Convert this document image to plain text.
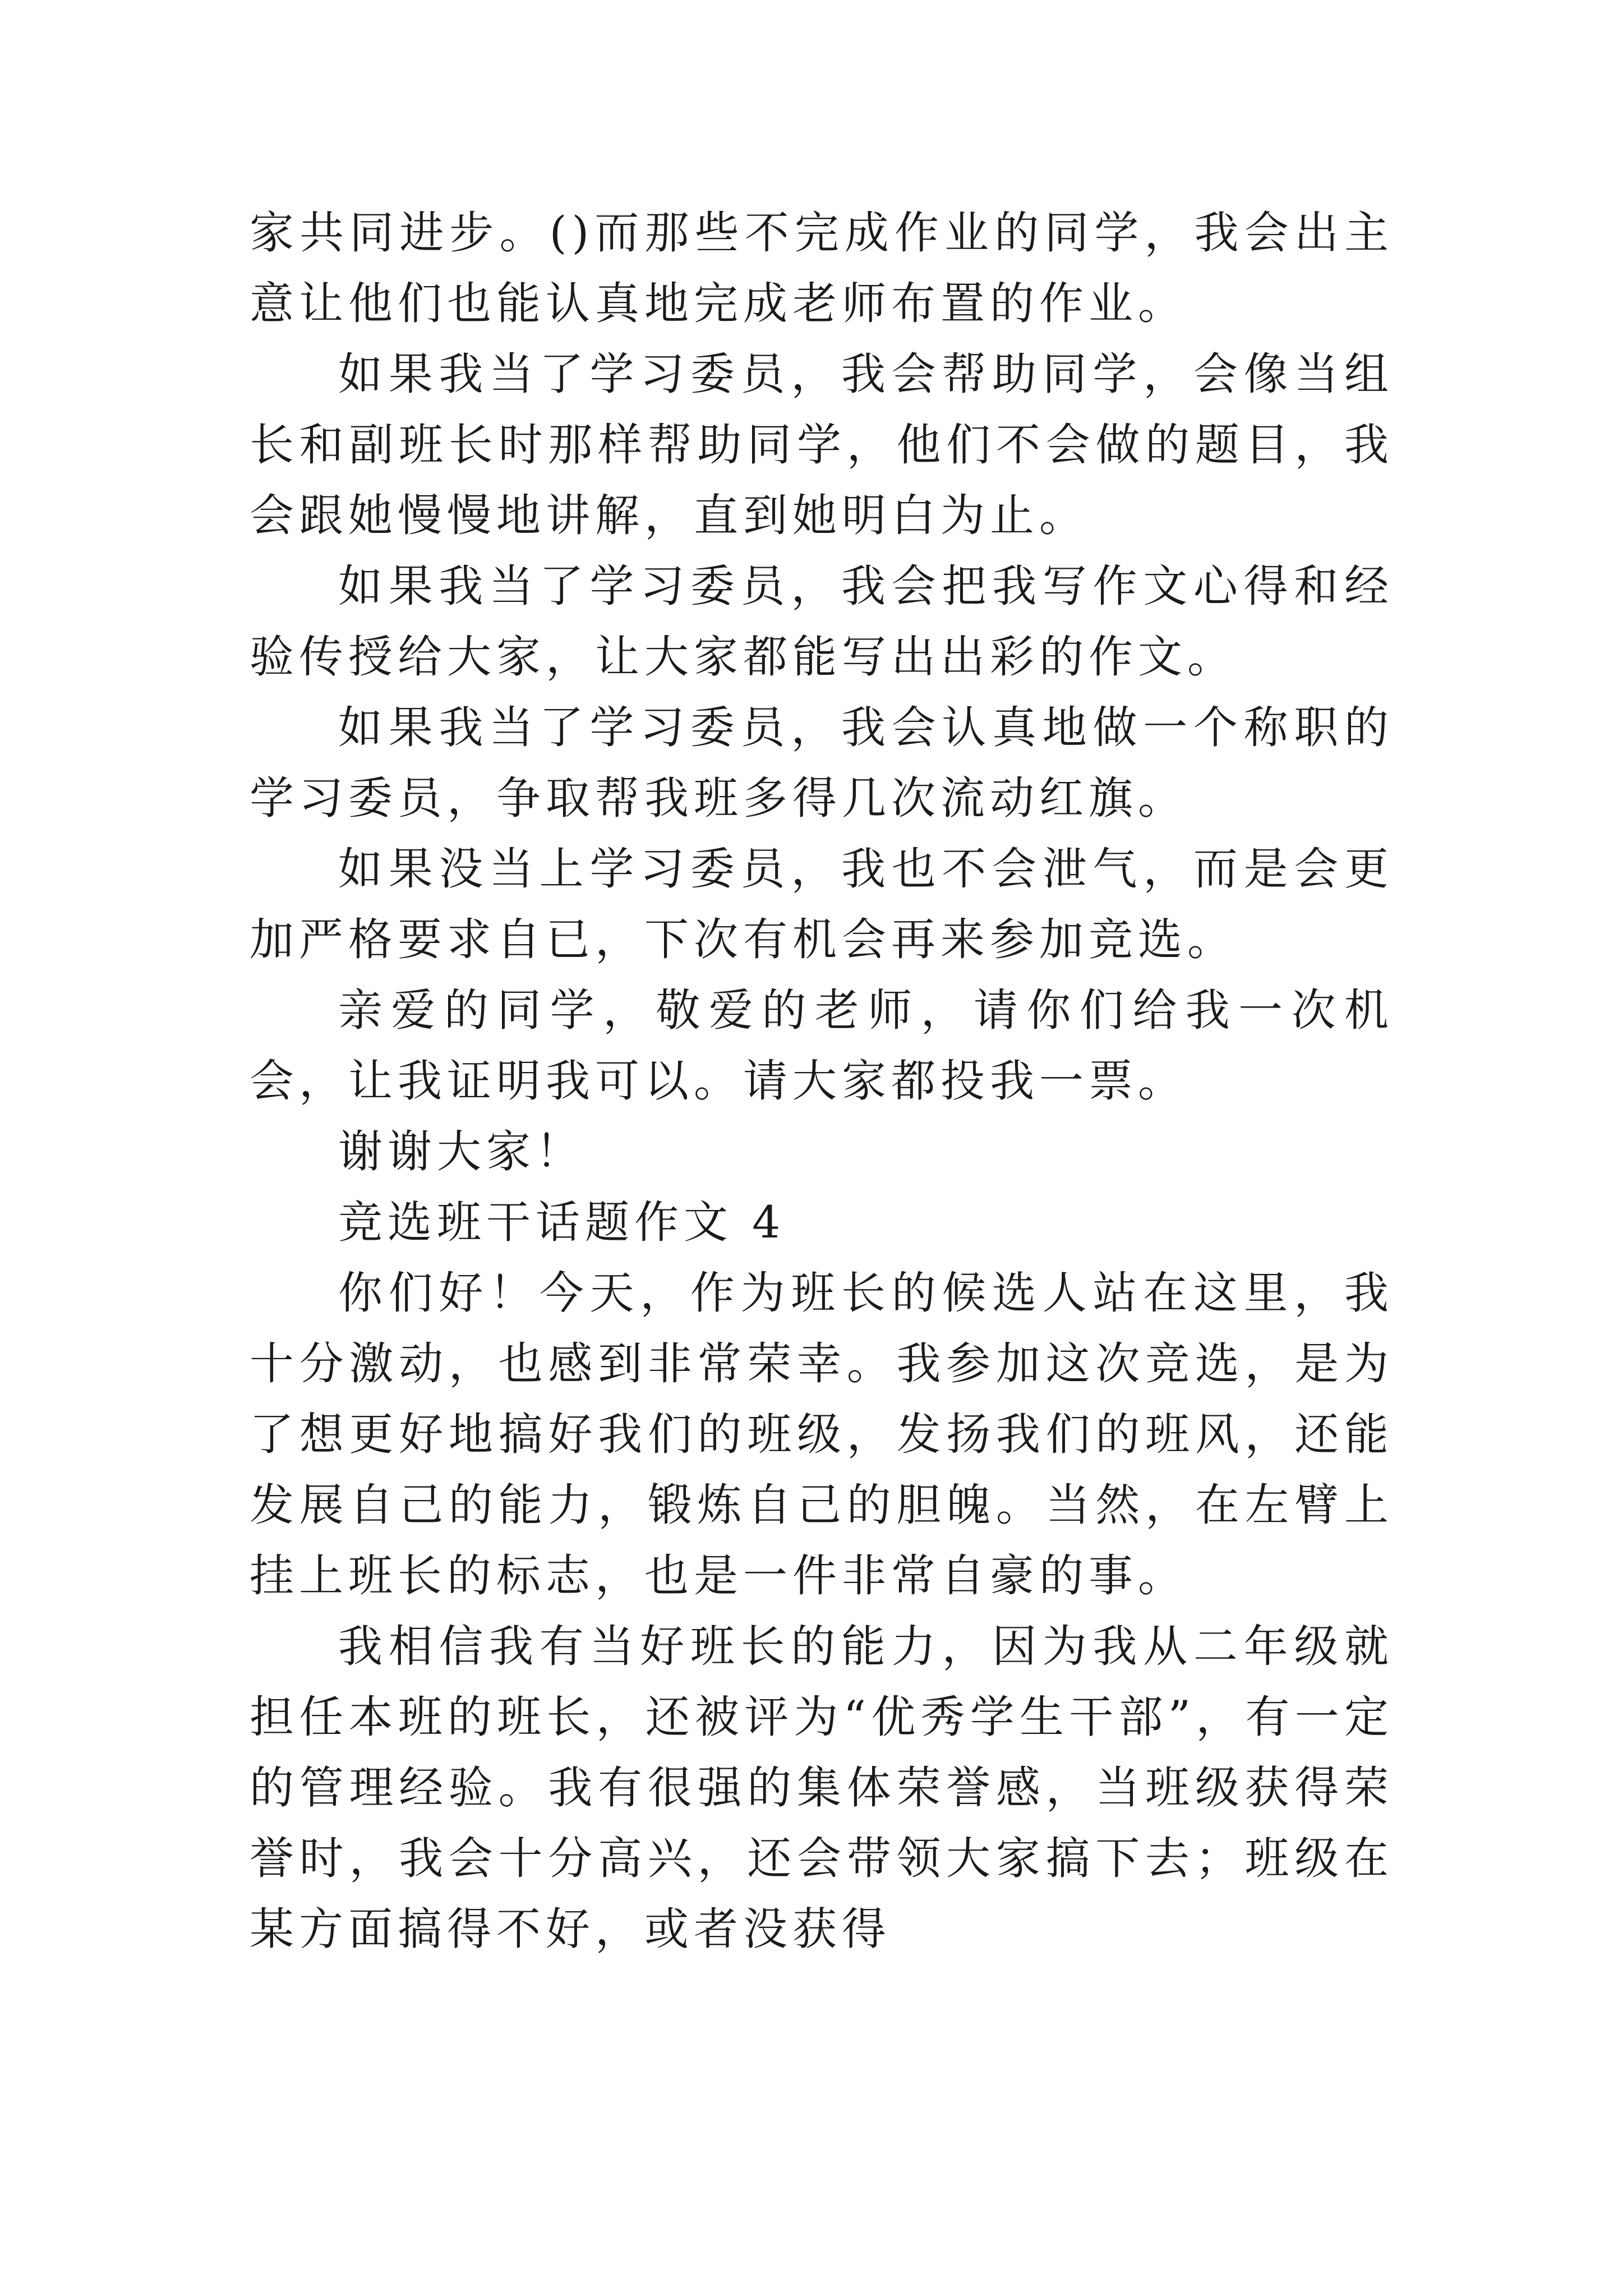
家共同进步。()而那些不完成作业的同学，我会出主意让他们也能认真地完成老师布置的作业。

如果我当了学习委员，我会帮助同学，会像当组长和副班长时那样帮助同学，他们不会做的题目，我会跟她慢慢地讲解，直到她明白为止。

如果我当了学习委员，我会把我写作文心得和经验传授给大家，让大家都能写出出彩的作文。

如果我当了学习委员，我会认真地做一个称职的学习委员，争取帮我班多得几次流动红旗。

如果没当上学习委员，我也不会泄气，而是会更加严格要求自已，下次有机会再来参加竞选。

亲爱的同学，敬爱的老师，请你们给我一次机会，让我证明我可以。请大家都投我一票。

谢谢大家！

竞选班干话题作文 4

你们好！今天，作为班长的候选人站在这里，我十分激动，也感到非常荣幸。我参加这次竞选，是为了想更好地搞好我们的班级，发扬我们的班风，还能发展自己的能力，锻炼自己的胆魄。当然，在左臂上挂上班长的标志，也是一件非常自豪的事。

我相信我有当好班长的能力，因为我从二年级就担任本班的班长，还被评为“优秀学生干部”，有一定的管理经验。我有很强的集体荣誉感，当班级获得荣誉时，我会十分高兴，还会带领大家搞下去；班级在某方面搞得不好，或者没获得
